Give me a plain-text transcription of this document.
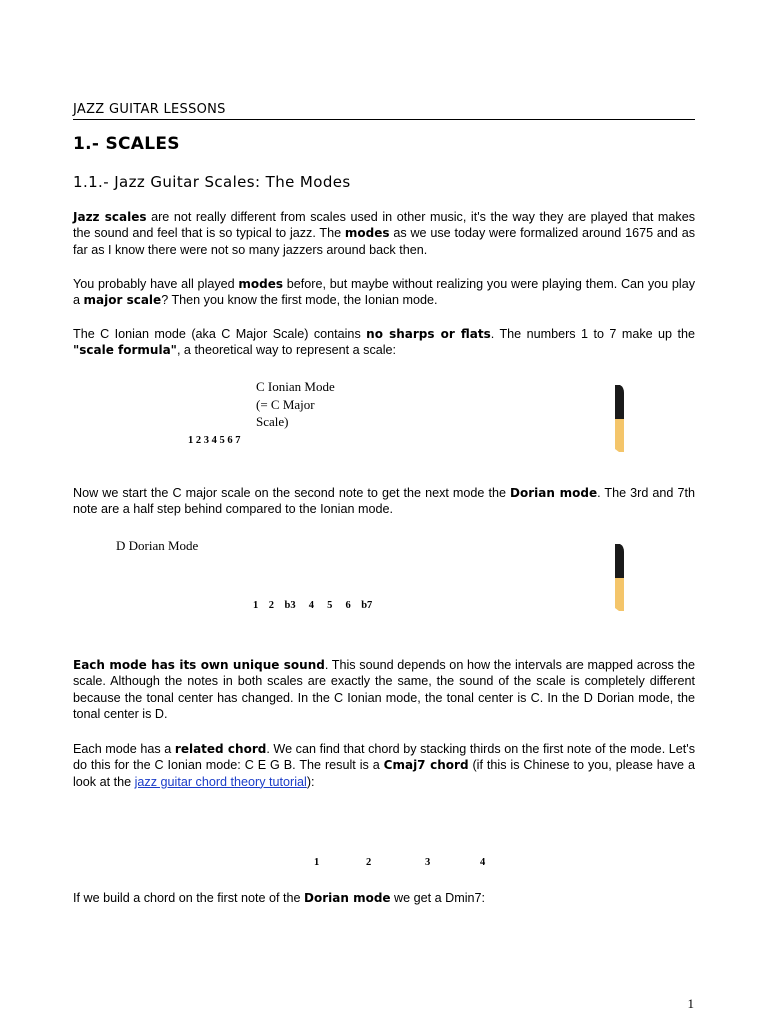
JAZZ GUITAR LESSONS
1.- SCALES
1.1.- Jazz Guitar Scales: The Modes
Jazz scales are not really different from scales used in other music, it's the way they are played that makes the sound and feel that is so typical to jazz. The modes as we use today were formalized around 1675 and as far as I know there were not so many jazzers around back then.
You probably have all played modes before, but maybe without realizing you were playing them. Can you play a major scale? Then you know the first mode, the Ionian mode.
The C Ionian mode (aka C Major Scale) contains no sharps or flats. The numbers 1 to 7 make up the "scale formula", a theoretical way to represent a scale:
C Ionian Mode
(= C Major
Scale)
1 2 3 4 5 6 7
Now we start the C major scale on the second note to get the next mode the Dorian mode. The 3rd and 7th note are a half step behind compared to the Ionian mode.
D Dorian Mode
1    2    b3     4     5     6    b7
Each mode has its own unique sound. This sound depends on how the intervals are mapped across the scale. Although the notes in both scales are exactly the same, the sound of the scale is completely different because the tonal center has changed. In the C Ionian mode, the tonal center is C. In the D Dorian mode, the tonal center is D.
Each mode has a related chord. We can find that chord by stacking thirds on the first note of the mode. Let's do this for the C Ionian mode: C E G B. The result is a Cmaj7 chord (if this is Chinese to you, please have a look at the jazz guitar chord theory tutorial):
1	2	3	4
If we build a chord on the first note of the Dorian mode we get a Dmin7:
1
